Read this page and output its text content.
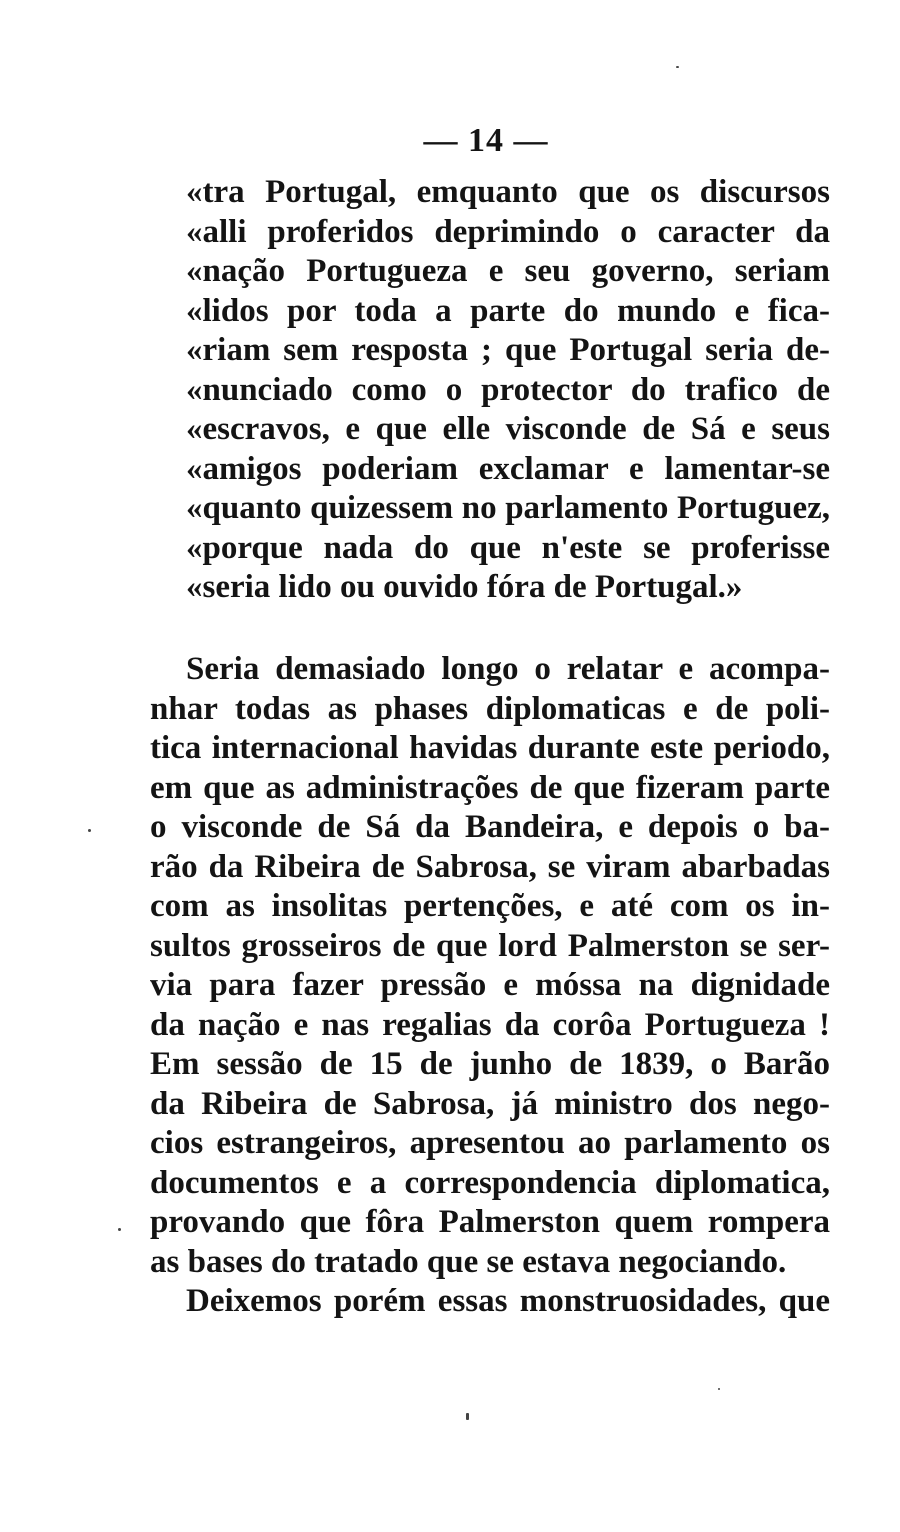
— 14 —
«tra Portugal, emquanto que os discursos
«alli proferidos deprimindo o caracter da
«nação Portugueza e seu governo, seriam
«lidos por toda a parte do mundo e fica-
«riam sem resposta ; que Portugal seria de-
«nunciado como o protector do trafico de
«escravos, e que elle visconde de Sá e seus
«amigos poderiam exclamar e lamentar-se
«quanto quizessem no parlamento Portuguez,
«porque nada do que n'este se proferisse
«seria lido ou ouvido fóra de Portugal.»
Seria demasiado longo o relatar e acompa-
nhar todas as phases diplomaticas e de poli-
tica internacional havidas durante este periodo,
em que as administrações de que fizeram parte
o visconde de Sá da Bandeira, e depois o ba-
rão da Ribeira de Sabrosa, se viram abarbadas
com as insolitas pertenções, e até com os in-
sultos grosseiros de que lord Palmerston se ser-
via para fazer pressão e móssa na dignidade
da nação e nas regalias da corôa Portugueza !
Em sessão de 15 de junho de 1839, o Barão
da Ribeira de Sabrosa, já ministro dos nego-
cios estrangeiros, apresentou ao parlamento os
documentos e a correspondencia diplomatica,
provando que fôra Palmerston quem rompera
as bases do tratado que se estava negociando.
Deixemos porém essas monstruosidades, que
